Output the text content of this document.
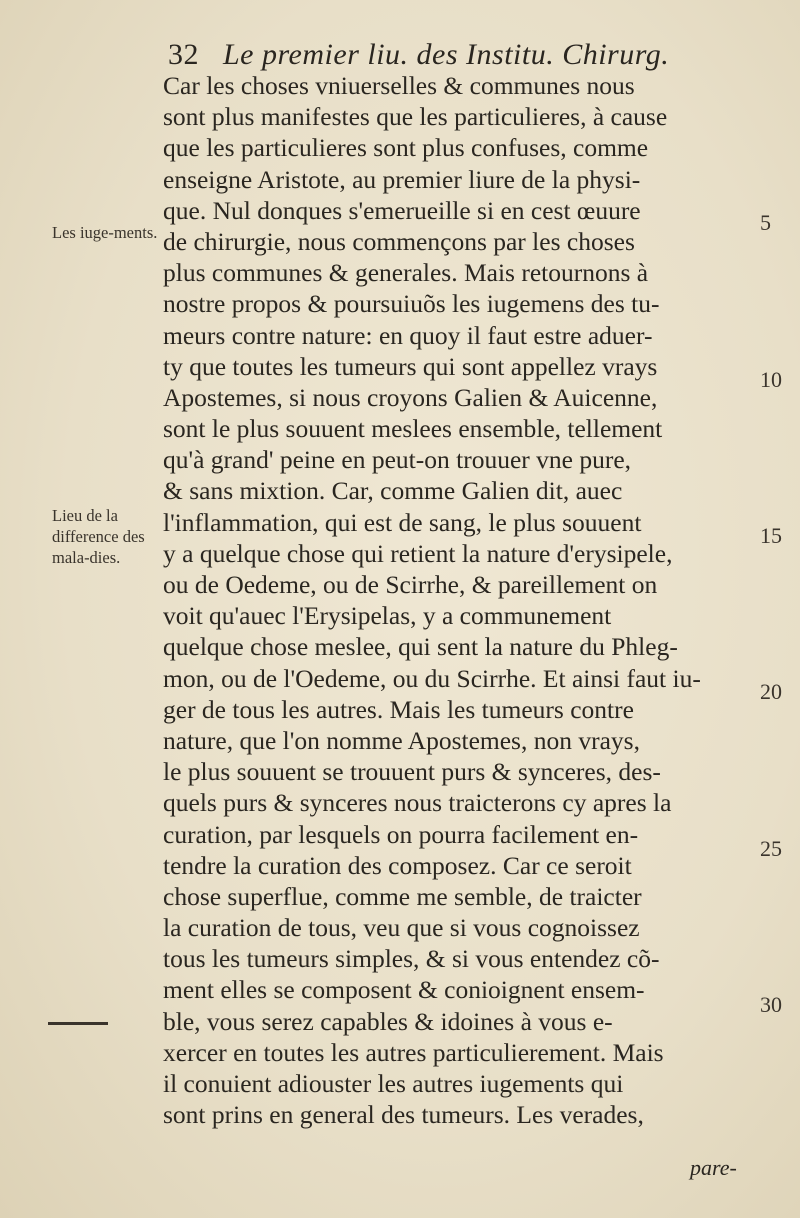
32 Le premier liu. des Institu. Chirurg.
Car les choses vniuerselles & communes nous
sont plus manifestes que les particulieres, à cause
que les particulieres sont plus confuses, comme
enseigne Aristote, au premier liure de la physi-
que. Nul donques s'emerueille si en cest œuure
de chirurgie, nous commençons par les choses
plus communes & generales. Mais retournons à
nostre propos & poursuiuõs les iugemens des tu-
meurs contre nature: en quoy il faut estre aduer-
ty que toutes les tumeurs qui sont appellez vrays
Apostemes, si nous croyons Galien & Auicenne,
sont le plus souuent meslees ensemble, tellement
qu'à grand' peine en peut-on trouuer vne pure,
& sans mixtion. Car, comme Galien dit, auec
l'inflammation, qui est de sang, le plus souuent
y a quelque chose qui retient la nature d'erysipele,
ou de Oedeme, ou de Scirrhe, & pareillement on
voit qu'auec l'Erysipelas, y a communement
quelque chose meslee, qui sent la nature du Phleg-
mon, ou de l'Oedeme, ou du Scirrhe. Et ainsi faut iu-
ger de tous les autres. Mais les tumeurs contre
nature, que l'on nomme Apostemes, non vrays,
le plus souuent se trouuent purs & synceres, des-
quels purs & synceres nous traicterons cy apres la
curation, par lesquels on pourra facilement en-
tendre la curation des composez. Car ce seroit
chose superflue, comme me semble, de traicter
la curation de tous, veu que si vous cognoissez
tous les tumeurs simples, & si vous entendez cõ-
ment elles se composent & conioignent ensem-
ble, vous serez capables & idoines à vous e-
xercer en toutes les autres particulierement. Mais
il conuient adiouster les autres iugements qui
sont prins en general des tumeurs. Les verades,
Les iuge-ments.
Lieu de la difference des mala-dies.
5
10
15
20
25
30
pare-
